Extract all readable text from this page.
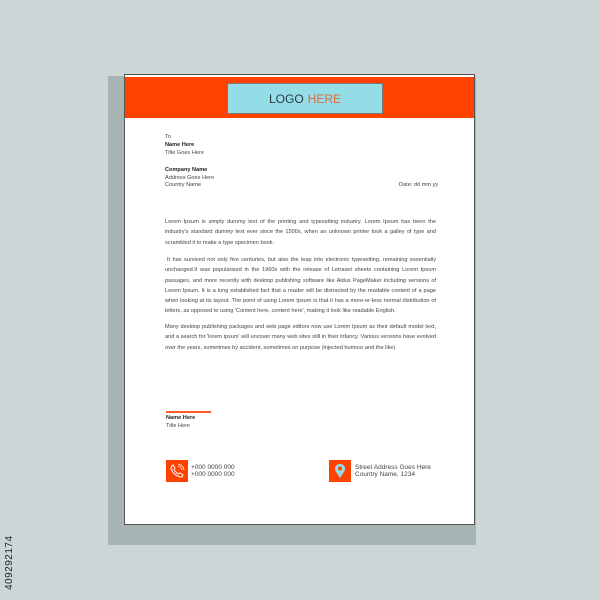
LOGO HERE
To
Name Here
Title Goes Here
Company Name
Address Goes Here
Country Name	Date: dd mm yy

Lorem Ipsum is simply dummy text of the printing and typesetting industry. Lorem Ipsum has been the industry's standard dummy text ever since the 1500s, when an unknown printer took a galley of type and scrambled it to make a type specimen book.

It has survived not only five centuries, but also the leap into electronic typesetting, remaining essentially unchanged.It was popularised in the 1960s with the release of Letraset sheets containing Lorem Ipsum passages, and more recently with desktop publishing software like Aldus PageMaker including versions of Lorem Ipsum. It is a long established fact that a reader will be distracted by the readable content of a page when looking at its layout. The point of using Lorem Ipsum is that it has a more-or-less normal distribution of letters, as opposed to using 'Content here, content here', making it look like readable English.

Many desktop publishing packages and web page editors now use Lorem Ipsum as their default model text, and a search for 'lorem ipsum' will uncover many web sites still in their infancy. Various versions have evolved over the years, sometimes by accident, sometimes on purpose (injected humour and the like)

Name Here
Title Here
+000 0000 000
+000 0000 000
Street Address Goes Here
Country Name, 1234
409292174
